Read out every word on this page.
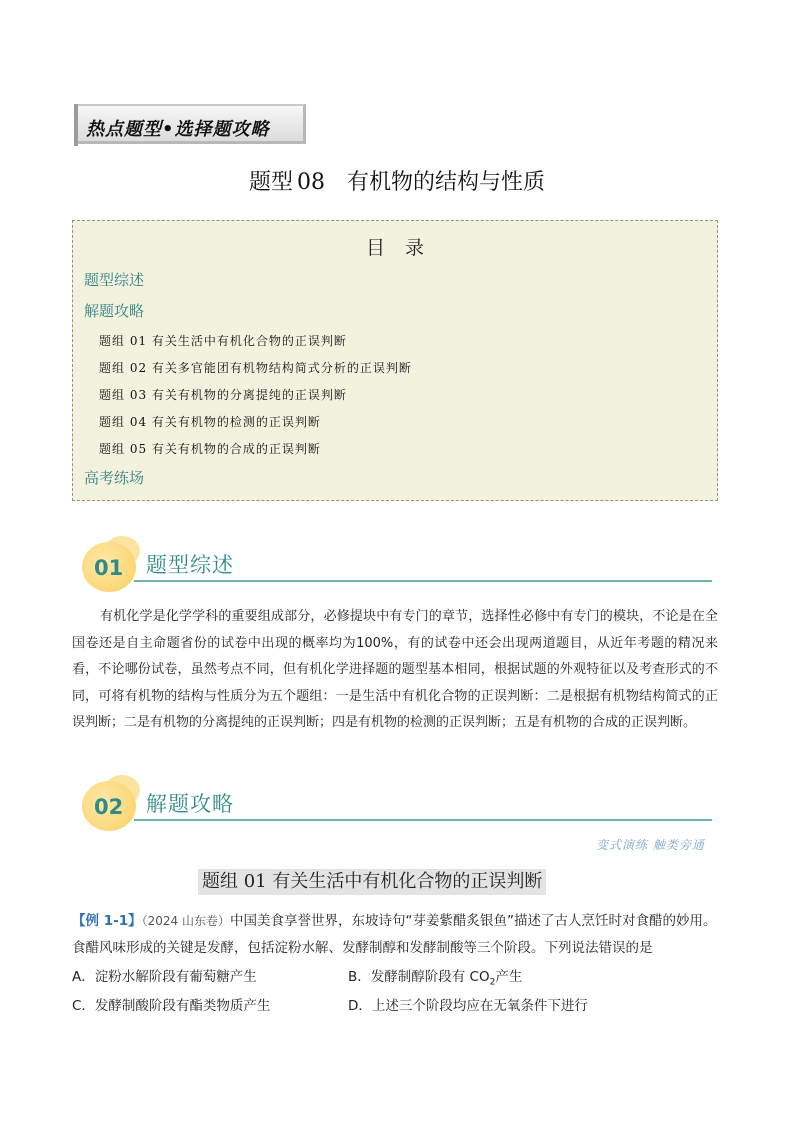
热点题型•选择题攻略
题型 08 有机物的结构与性质
目录
题型综述
解题攻略
题组 01 有关生活中有机化合物的正误判断
题组 02 有关多官能团有机物结构简式分析的正误判断
题组 03 有关有机物的分离提纯的正误判断
题组 04 有关有机物的检测的正误判断
题组 05 有关有机物的合成的正误判断
高考练场
01 题型综述
有机化学是化学学科的重要组成部分，必修提块中有专门的章节，选择性必修中有专门的模块，不论是在全国卷还是自主命题省份的试卷中出现的概率均为100%，有的试卷中还会出现两道题目，从近年考题的精况来看，不论哪份试卷，虽然考点不同，但有机化学进择题的题型基本相同，根据试题的外观特征以及考查形式的不同，可将有机物的结构与性质分为五个题组：一是生活中有机化合物的正误判断：二是根据有机物结构简式的正误判断；二是有机物的分离提纯的正误判断；四是有机物的检测的正误判断；五是有机物的合成的正误判断。
02 解题攻略
变式演练 触类旁通
题组 01 有关生活中有机化合物的正误判断
【例 1-1】（2024 山东卷）中国美食享誉世界，东坡诗句“芽姜紫醋炙银鱼”描述了古人烹饪时对食醋的妙用。
食醋风味形成的关键是发酵，包括淀粉水解、发酵制醇和发酵制酸等三个阶段。下列说法错误的是
A．淀粉水解阶段有葡萄糖产生	B．发酵制醇阶段有 $CO_2$产生
C．发酵制酸阶段有酯类物质产生	D．上述三个阶段均应在无氧条件下进行
